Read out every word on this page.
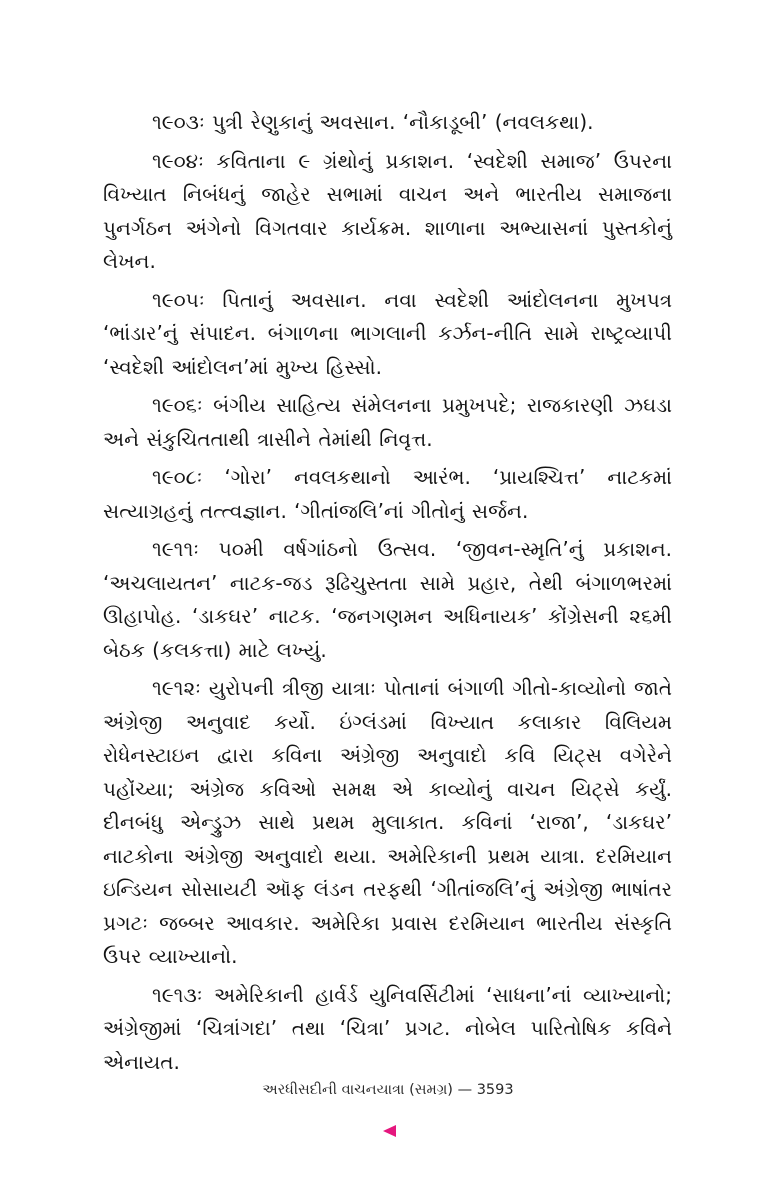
૧૯૦૩ઃ પુત્રી રેણુકાનું અવસાન. ‘નૌકાડૂબી’ (નવલકથા).

૧૯૦૪ઃ કવિતાના ૯ ગ્રંથોનું પ્રકાશન. ‘સ્વદેશી સમાજ’ ઉપરના વિખ્યાત નિબંધનું જાહેર સભામાં વાચન અને ભારતીય સમાજના પુનર્ગઠન અંગેનો વિગતવાર કાર્યક્રમ. શાળાના અભ્યાસનાં પુસ્તકોનું લેખન.

૧૯૦૫ઃ પિતાનું અવસાન. નવા સ્વદેશી આંદોલનના મુખપત્ર ‘ભાંડાર’નું સંપાદન. બંગાળના ભાગલાની કર્ઝન-નીતિ સામે રાષ્ટ્રવ્યાપી ‘સ્વદેશી આંદોલન’માં મુખ્ય હિસ્સો.

૧૯૦૬ઃ બંગીય સાહિત્ય સંમેલનના પ્રમુખપદે; રાજકારણી ઝઘડા અને સંકુચિતતાથી ત્રાસીને તેમાંથી નિવૃત્ત.

૧૯૦૮ઃ ‘ગોરા’ નવલકથાનો આરંભ. ‘પ્રાયશ્ચિત્ત’ નાટકમાં સત્યાગ્રહનું તત્ત્વજ્ઞાન. ‘ગીતાંજલિ’નાં ગીતોનું સર્જન.

૧૯૧૧ઃ ૫૦મી વર્ષગાંઠનો ઉત્સવ. ‘જીવન-સ્મૃતિ’નું પ્રકાશન. ‘અચલાયતન’ નાટક-જડ રૂઢિચુસ્તતા સામે પ્રહાર, તેથી બંગાળભરમાં ઊહાપોહ. ‘ડાકઘર’ નાટક. ‘જનગણમન અધિનાયક’ કોંગ્રેસની ૨૬મી બેઠક (કલકત્તા) માટે લખ્યું.

૧૯૧૨ઃ યુરોપની ત્રીજી યાત્રાઃ પોતાનાં બંગાળી ગીતો-કાવ્યોનો જાતે અંગ્રેજી અનુવાદ કર્યો. ઇંગ્લંડમાં વિખ્યાત કલાકાર વિલિયમ રોધેનસ્ટાઇન દ્વારા કવિના અંગ્રેજી અનુવાદો કવિ યિટ્સ વગેરેને પહોંચ્યા; અંગ્રેજ કવિઓ સમક્ષ એ કાવ્યોનું વાચન યિટ્સે કર્યું. દીનબંધુ એન્ડ્રુઝ સાથે પ્રથમ મુલાકાત. કવિનાં ‘રાજા’, ‘ડાકઘર’ નાટકોના અંગ્રેજી અનુવાદો થયા. અમેરિકાની પ્રથમ યાત્રા. દરમિયાન ઇન્ડિયન સોસાયટી ઑફ લંડન તરફથી ‘ગીતાંજલિ’નું અંગ્રેજી ભાષાંતર પ્રગટઃ જબ્બર આવકાર. અમેરિકા પ્રવાસ દરમિયાન ભારતીય સંસ્કૃતિ ઉપર વ્યાખ્યાનો.

૧૯૧૩ઃ અમેરિકાની હાર્વર્ડ યુનિવર્સિટીમાં ‘સાધના’નાં વ્યાખ્યાનો; અંગ્રેજીમાં ‘ચિત્રાંગદા’ તથા ‘ચિત્રા’ પ્રગટ. નોબેલ પારિતોષિક કવિને એનાયત.

અરધીસદીની વાચનયાત્રા (સમગ્ર) — 3593
